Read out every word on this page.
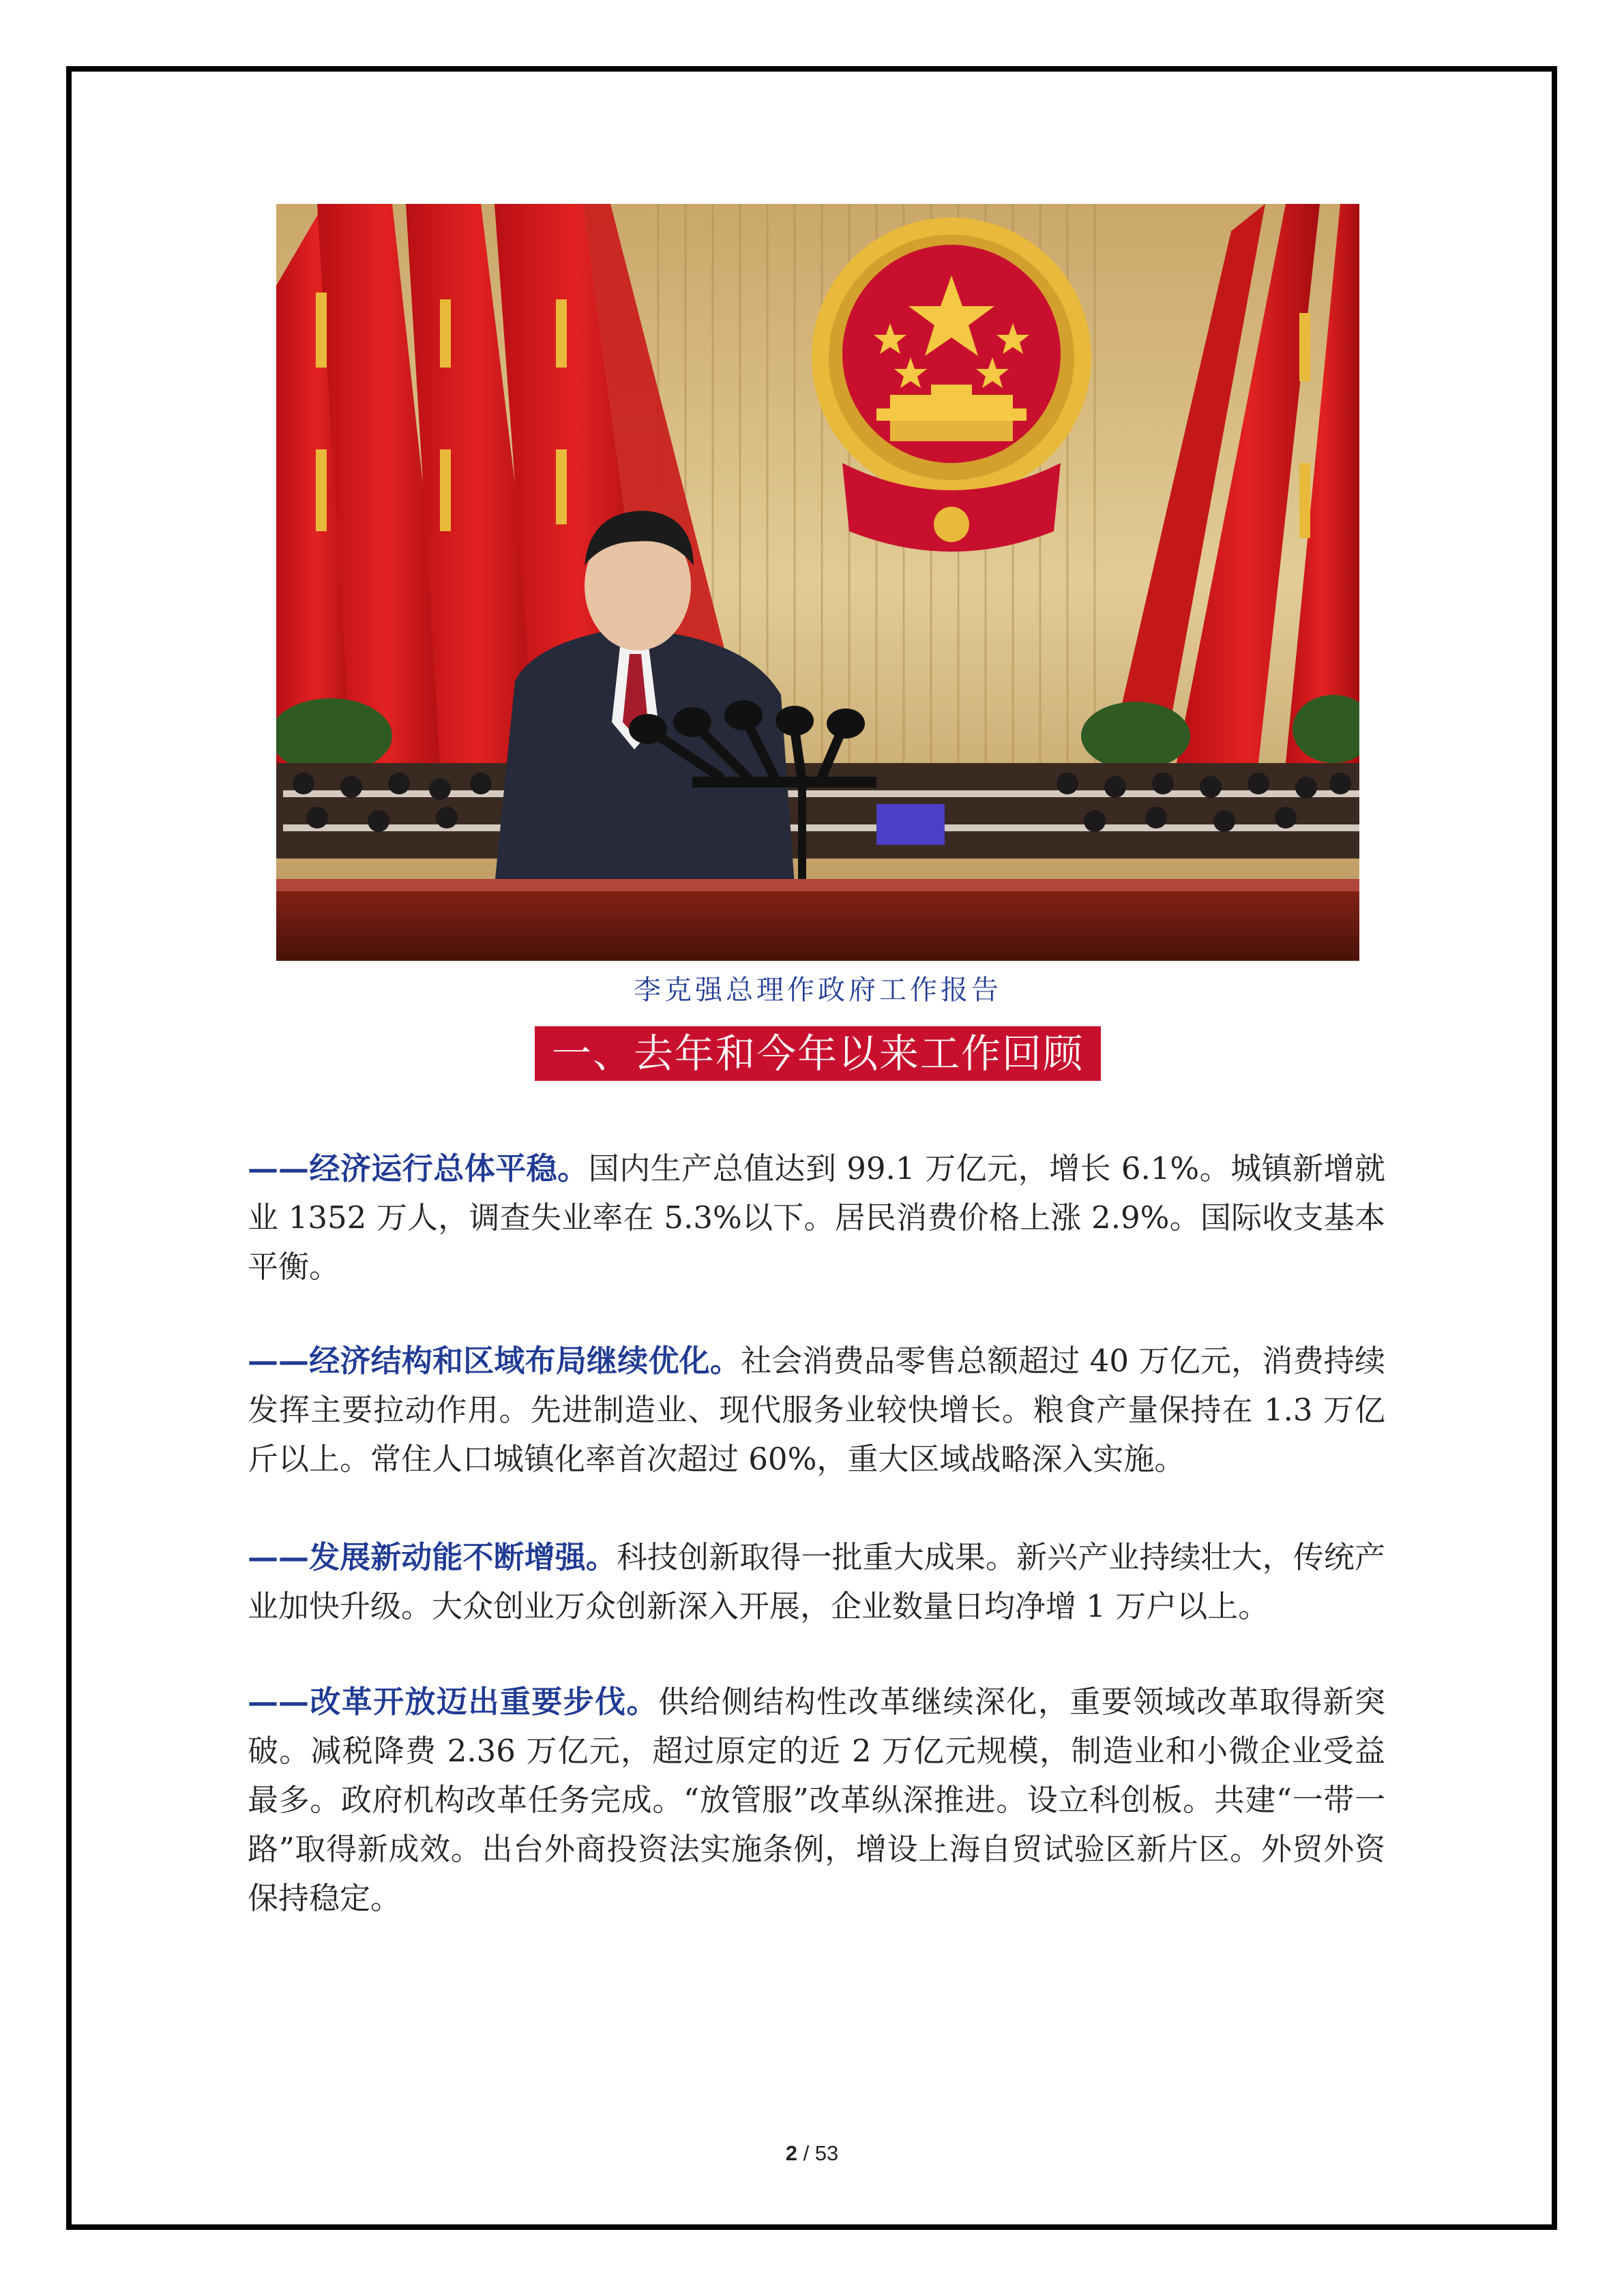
李克强总理作政府工作报告
一、去年和今年以来工作回顾

——经济运行总体平稳。国内生产总值达到 99.1 万亿元，增长 6.1%。城镇新增就业 1352 万人，调查失业率在 5.3%以下。居民消费价格上涨 2.9%。国际收支基本平衡。

——经济结构和区域布局继续优化。社会消费品零售总额超过 40 万亿元，消费持续发挥主要拉动作用。先进制造业、现代服务业较快增长。粮食产量保持在 1.3 万亿斤以上。常住人口城镇化率首次超过 60%，重大区域战略深入实施。

——发展新动能不断增强。科技创新取得一批重大成果。新兴产业持续壮大，传统产业加快升级。大众创业万众创新深入开展，企业数量日均净增 1 万户以上。

——改革开放迈出重要步伐。供给侧结构性改革继续深化，重要领域改革取得新突破。减税降费 2.36 万亿元，超过原定的近 2 万亿元规模，制造业和小微企业受益最多。政府机构改革任务完成。“放管服”改革纵深推进。设立科创板。共建“一带一路”取得新成效。出台外商投资法实施条例，增设上海自贸试验区新片区。外贸外资保持稳定。

2 / 53
